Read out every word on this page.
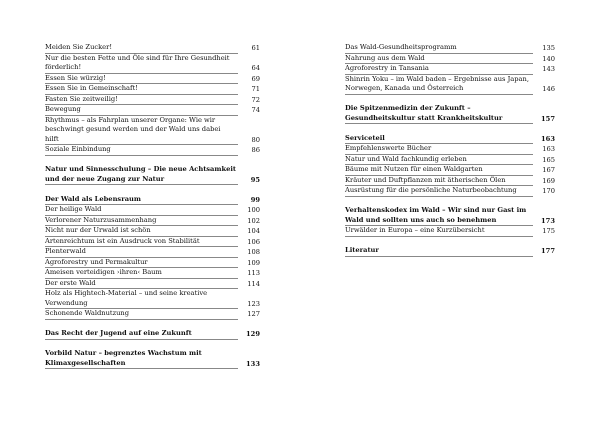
Meiden Sie Zucker!	61
Nur die besten Fette und Öle sind für Ihre Gesundheit förderlich!	64
Essen Sie würzig!	69
Essen Sie in Gemeinschaft!	71
Fasten Sie zeitweilig!	72
Bewegung	74
Rhythmus – als Fahrplan unserer Organe: Wie wir beschwingt gesund werden und der Wald uns dabei hilft	80
Soziale Einbindung	86
Natur und Sinnesschulung – Die neue Achtsamkeit und der neue Zugang zur Natur	95
Der Wald als Lebensraum	99
Der heilige Wald	100
Verlorener Naturzusammenhang	102
Nicht nur der Urwald ist schön	104
Artenreichtum ist ein Ausdruck von Stabilität	106
Plenterwald	108
Agroforestry und Permakultur	109
Ameisen verteidigen ›ihren‹ Baum	113
Der erste Wald	114
Holz als Hightech-Material – und seine kreative Verwendung	123
Schonende Waldnutzung	127
Das Recht der Jugend auf eine Zukunft	129
Vorbild Natur – begrenztes Wachstum mit Klimaxgesellschaften	133
Das Wald-Gesundheitsprogramm	135
Nahrung aus dem Wald	140
Agroforestry in Tansania	143
Shinrin Yoku – im Wald baden – Ergebnisse aus Japan, Norwegen, Kanada und Österreich	146
Die Spitzenmedizin der Zukunft – Gesundheitskultur statt Krankheitskultur	157
Serviceteil	163
Empfehlenswerte Bücher	163
Natur und Wald fachkundig erleben	165
Bäume mit Nutzen für einen Waldgarten	167
Kräuter und Duftpflanzen mit ätherischen Ölen	169
Ausrüstung für die persönliche Naturbeobachtung	170
Verhaltenskodex im Wald – Wir sind nur Gast im Wald und sollten uns auch so benehmen	173
Urwälder in Europa – eine Kurzübersicht	175
Literatur	177
